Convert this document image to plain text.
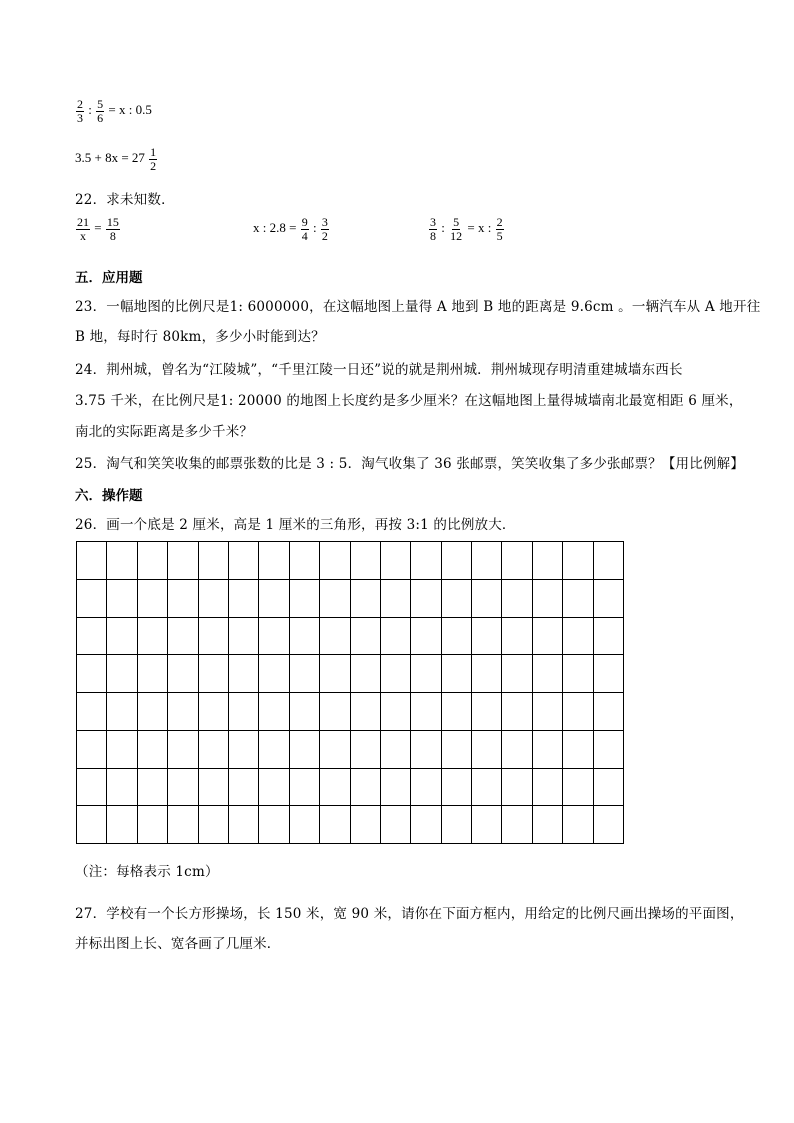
$\frac{2}{3}$ : $\frac{5}{6} = x$ : 0.5
$3.5 + 8x = 27 \frac{1}{2}$
22．求未知数．
$\frac{21}{x} = \frac{15}{8}$	x : $2.8 = \frac{9}{4}$ : $\frac{3}{2}$	$\frac{3}{8}$ : $\frac{5}{12} = x$ : $\frac{2}{5}$
五．应用题
23．一幅地图的比例尺是1: 6000000，在这幅地图上量得 A 地到 B 地的距离是 9.6cm 。一辆汽车从 A 地开往
B 地，每时行 80km，多少小时能到达？
24．荆州城，曾名为“江陵城”，“千里江陵一日还”说的就是荆州城．荆州城现存明清重建城墙东西长
3.75 千米，在比例尺是1: 20000 的地图上长度约是多少厘米？在这幅地图上量得城墙南北最宽相距 6 厘米，
南北的实际距离是多少千米？
25．淘气和笑笑收集的邮票张数的比是 3 : 5．淘气收集了 36 张邮票，笑笑收集了多少张邮票？【用比例解】
六．操作题
26．画一个底是 2 厘米，高是 1 厘米的三角形，再按 3:1 的比例放大．
（注：每格表示 1cm）
27．学校有一个长方形操场，长 150 米，宽 90 米，请你在下面方框内，用给定的比例尺画出操场的平面图，
并标出图上长、宽各画了几厘米．
